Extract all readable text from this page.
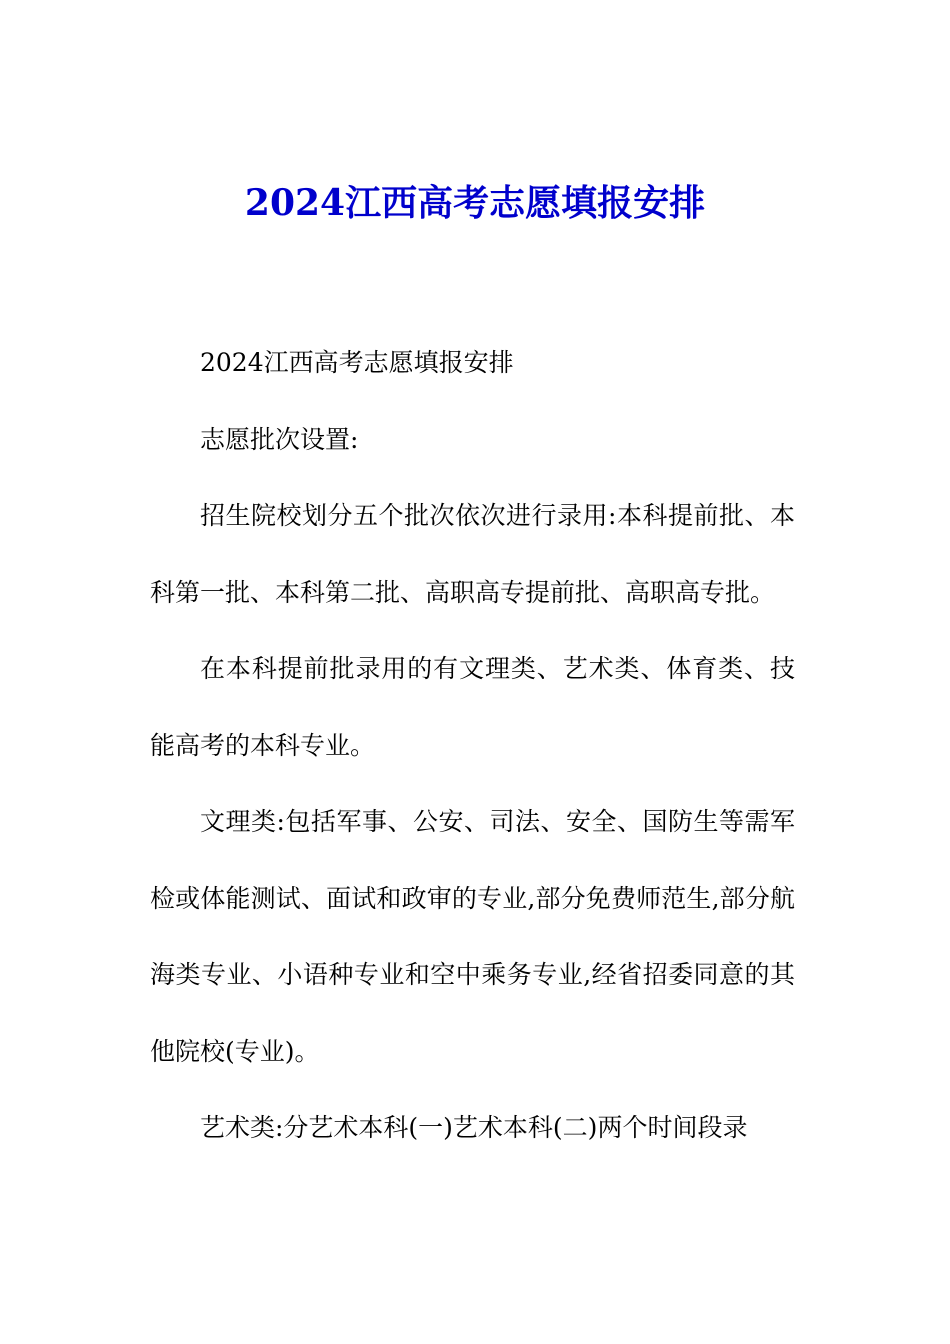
2024江西高考志愿填报安排

2024江西高考志愿填报安排

志愿批次设置:

招生院校划分五个批次依次进行录用:本科提前批、本科第一批、本科第二批、高职高专提前批、高职高专批。

在本科提前批录用的有文理类、艺术类、体育类、技能高考的本科专业。

文理类:包括军事、公安、司法、安全、国防生等需军检或体能测试、面试和政审的专业,部分免费师范生,部分航海类专业、小语种专业和空中乘务专业,经省招委同意的其他院校(专业)。

艺术类:分艺术本科(一)艺术本科(二)两个时间段录
